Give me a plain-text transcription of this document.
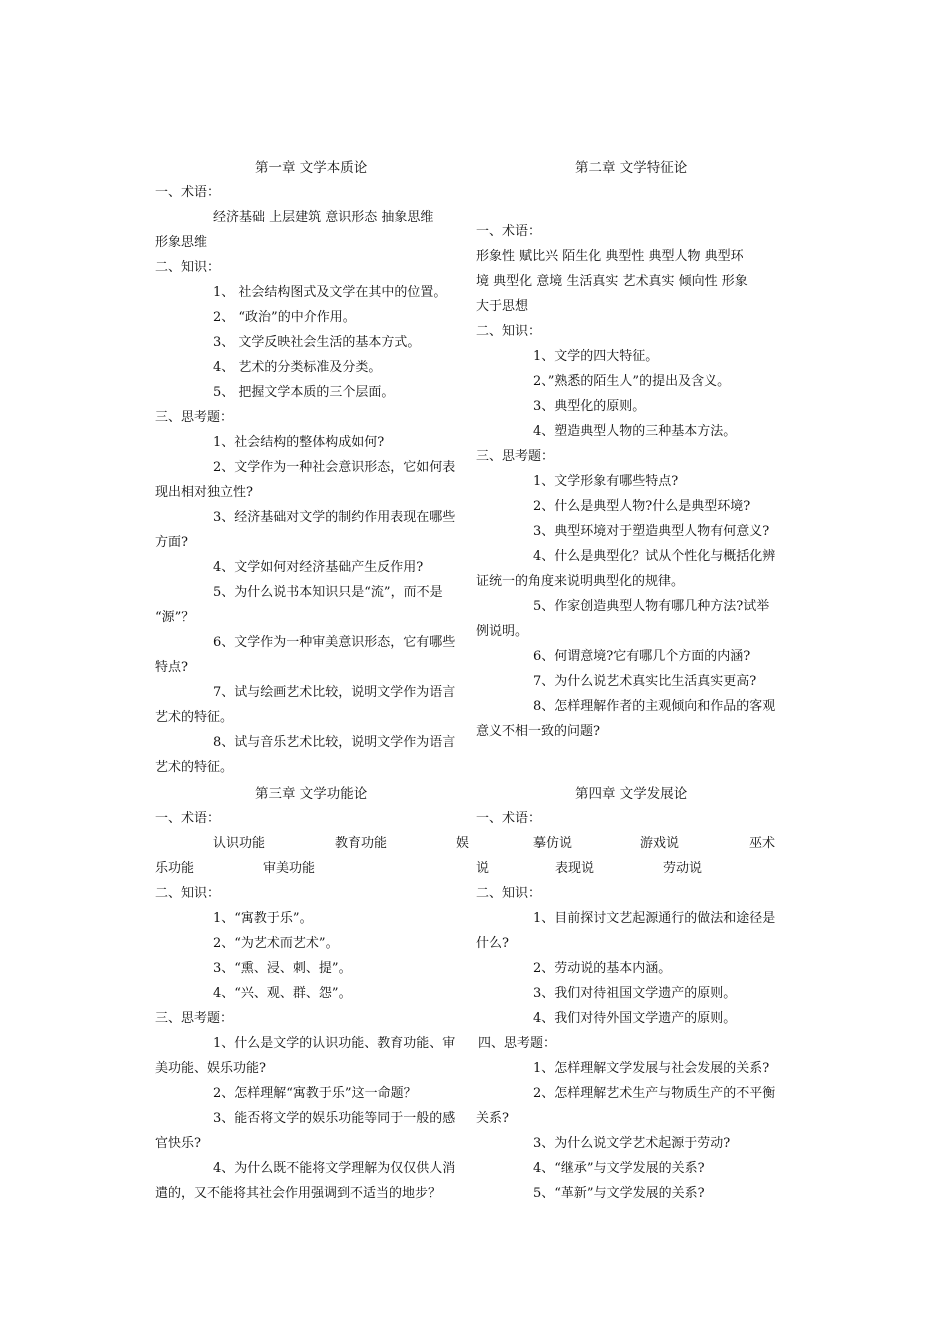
第一章 文学本质论
一、术语：
经济基础 上层建筑 意识形态 抽象思维
形象思维
二、知识：
1、 社会结构图式及文学在其中的位置。
2、 “政治”的中介作用。
3、 文学反映社会生活的基本方式。
4、 艺术的分类标准及分类。
5、 把握文学本质的三个层面。
三、思考题：
1、社会结构的整体构成如何?
2、文学作为一种社会意识形态，它如何表
现出相对独立性?
3、经济基础对文学的制约作用表现在哪些
方面?
4、文学如何对经济基础产生反作用?
5、为什么说书本知识只是“流”，而不是
“源”？
6、文学作为一种审美意识形态，它有哪些
特点?
7、试与绘画艺术比较，说明文学作为语言
艺术的特征。
8、试与音乐艺术比较，说明文学作为语言
艺术的特征。
第二章 文学特征论
一、术语：
形象性 赋比兴 陌生化 典型性 典型人物 典型环
境 典型化 意境 生活真实 艺术真实 倾向性 形象
大于思想
二、知识：
1、文学的四大特征。
2、”熟悉的陌生人”的提出及含义。
3、典型化的原则。
4、塑造典型人物的三种基本方法。
三、思考题：
1、文学形象有哪些特点?
2、什么是典型人物?什么是典型环境?
3、典型环境对于塑造典型人物有何意义?
4、什么是典型化？试从个性化与概括化辨
证统一的角度来说明典型化的规律。
5、作家创造典型人物有哪几种方法?试举
例说明。
6、何谓意境?它有哪几个方面的内涵?
7、为什么说艺术真实比生活真实更高?
8、怎样理解作者的主观倾向和作品的客观
意义不相一致的问题?
第三章 文学功能论
一、术语：
认识功能	教育功能	娱
乐功能	审美功能
二、知识：
1、“寓教于乐”。
2、“为艺术而艺术”。
3、“熏、浸、刺、提”。
4、“兴、观、群、怨”。
三、思考题：
1、什么是文学的认识功能、教育功能、审
美功能、娱乐功能?
2、怎样理解“寓教于乐”这一命题？
3、能否将文学的娱乐功能等同于一般的感
官快乐?
4、为什么既不能将文学理解为仅仅供人消
遣的，又不能将其社会作用强调到不适当的地步？
第四章 文学发展论
一、术语：
摹仿说	游戏说	巫术
说	表现说	劳动说
二、知识：
1、目前探讨文艺起源通行的做法和途径是
什么?
2、劳动说的基本内涵。
3、我们对待祖国文学遗产的原则。
4、我们对待外国文学遗产的原则。
四、思考题：
1、怎样理解文学发展与社会发展的关系?
2、怎样理解艺术生产与物质生产的不平衡
关系?
3、为什么说文学艺术起源于劳动?
4、“继承”与文学发展的关系?
5、“革新”与文学发展的关系?
